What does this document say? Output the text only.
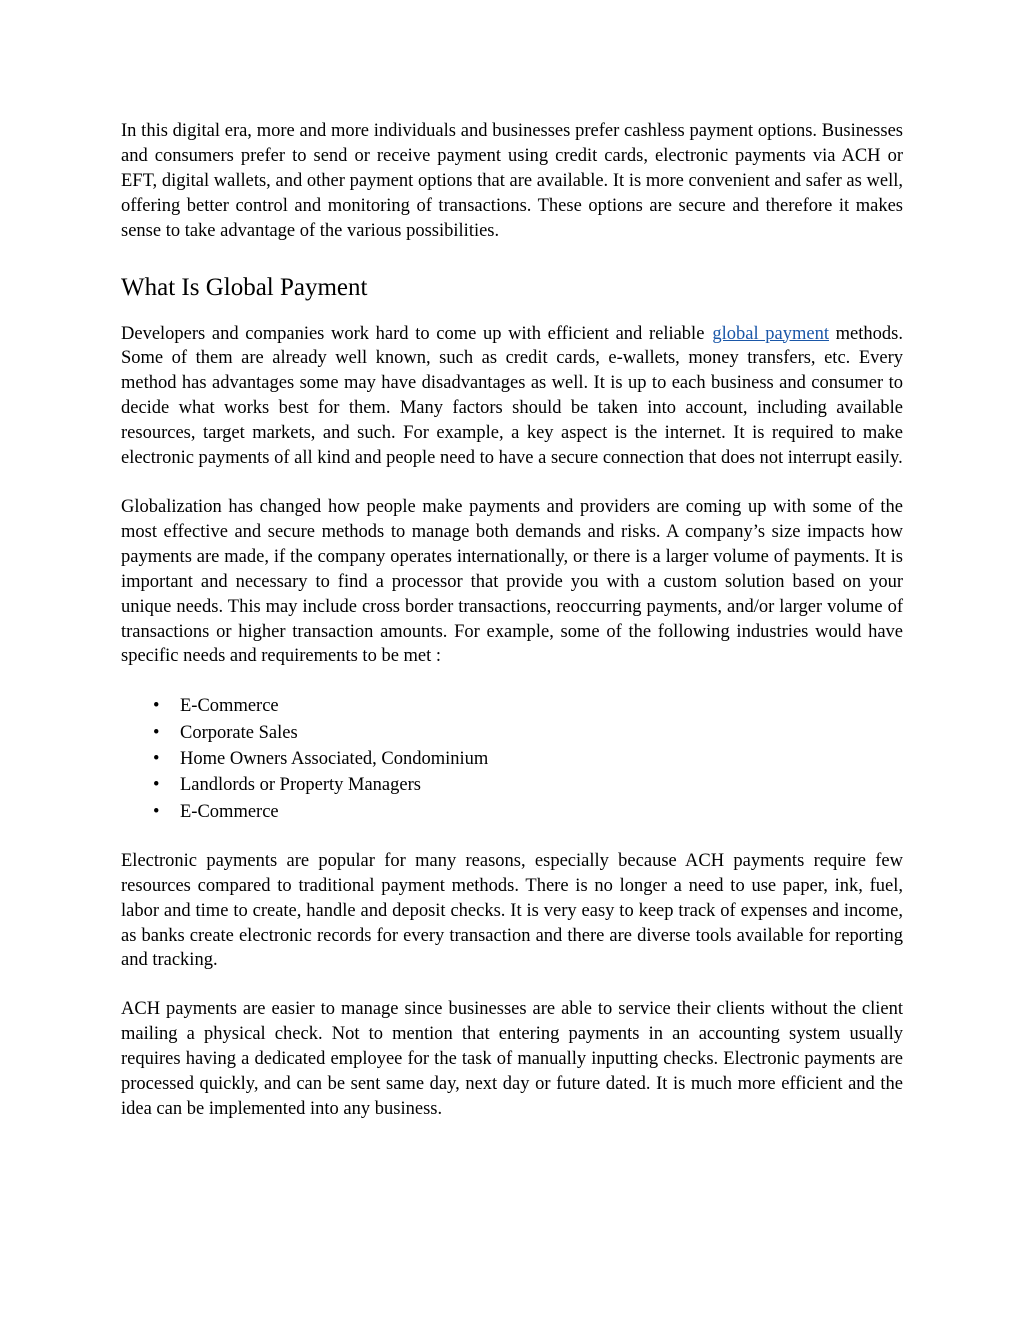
In this digital era, more and more individuals and businesses prefer cashless payment options. Businesses and consumers prefer to send or receive payment using credit cards, electronic payments via ACH or EFT, digital wallets, and other payment options that are available. It is more convenient and safer as well, offering better control and monitoring of transactions. These options are secure and therefore it makes sense to take advantage of the various possibilities.

What Is Global Payment

Developers and companies work hard to come up with efficient and reliable global payment methods. Some of them are already well known, such as credit cards, e-wallets, money transfers, etc. Every method has advantages some may have disadvantages as well. It is up to each business and consumer to decide what works best for them. Many factors should be taken into account, including available resources, target markets, and such. For example, a key aspect is the internet. It is required to make electronic payments of all kind and people need to have a secure connection that does not interrupt easily.

Globalization has changed how people make payments and providers are coming up with some of the most effective and secure methods to manage both demands and risks. A company’s size impacts how payments are made, if the company operates internationally, or there is a larger volume of payments. It is important and necessary to find a processor that provide you with a custom solution based on your unique needs. This may include cross border transactions, reoccurring payments, and/or larger volume of transactions or higher transaction amounts. For example, some of the following industries would have specific needs and requirements to be met :

• E-Commerce
• Corporate Sales
• Home Owners Associated, Condominium
• Landlords or Property Managers
• E-Commerce

Electronic payments are popular for many reasons, especially because ACH payments require few resources compared to traditional payment methods. There is no longer a need to use paper, ink, fuel, labor and time to create, handle and deposit checks. It is very easy to keep track of expenses and income, as banks create electronic records for every transaction and there are diverse tools available for reporting and tracking.

ACH payments are easier to manage since businesses are able to service their clients without the client mailing a physical check. Not to mention that entering payments in an accounting system usually requires having a dedicated employee for the task of manually inputting checks. Electronic payments are processed quickly, and can be sent same day, next day or future dated. It is much more efficient and the idea can be implemented into any business.
